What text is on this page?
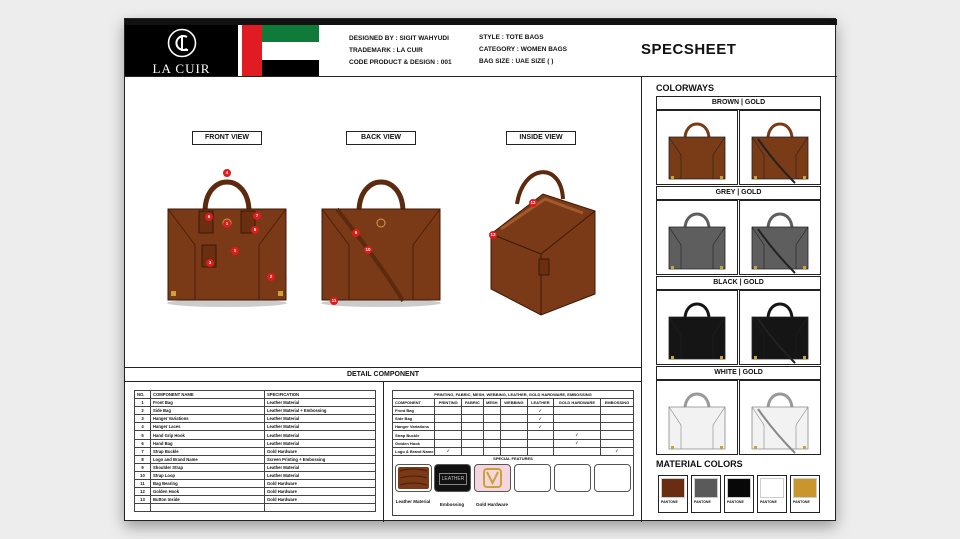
LA CUIR
DESIGNED BY : SIGIT WAHYUDI
TRADEMARK : LA CUIR
CODE PRODUCT & DESIGN : 001
STYLE : TOTE BAGS
CATEGORY : WOMEN BAGS
BAG SIZE : UAE SIZE ( )
SPECSHEET
FRONT VIEW	BACK VIEW	INSIDE VIEW
4
6
1
7
5
3
1
2
9
10
11
12
13
COLORWAYS
BROWN | GOLD
GREY | GOLD
BLACK | GOLD
WHITE | GOLD
MATERIAL COLORS
PANTONE	PANTONE	PANTONE	PANTONE	PANTONE
DETAIL COMPONENT
NO.	COMPONENT NAME	SPECIFICATION
1	Front Bag	Leather Material
2	Side Bag	Leather Material + Embossing
3	Hanger Variations	Leather Material
4	Hanger Laces	Leather Material
5	Hand Grip Hook	Leather Material
6	Hand Bag	Leather Material
7	Strap Buckle	Gold Hardware
8	Logo and Brand Name	Screen Printing + Embossing
9	Shoulder Strap	Leather Material
10	Strap Loop	Leather Material
11	Bag Bearing	Gold Hardware
12	Golden Hook	Gold Hardware
13	Button Inside	Gold Hardware

PRINTING, FABRIC, MESH, WEBBING, LEATHER, GOLD HARDWARE, EMBOSSING							
COMPONENT	PRINTING	FABRIC	MESH	WEBBING	LEATHER	GOLD HARDWARE	EMBOSSING
Front Bag					✓		
Side Bag					✓		
Hanger Variations					✓		
Strap Buckle						✓	
Golden Hook						✓	
Logo & Brand Name	✓						✓
SPECIAL FEATURES							
LEATHER
Leather Material
Embossing	Gold Hardware
